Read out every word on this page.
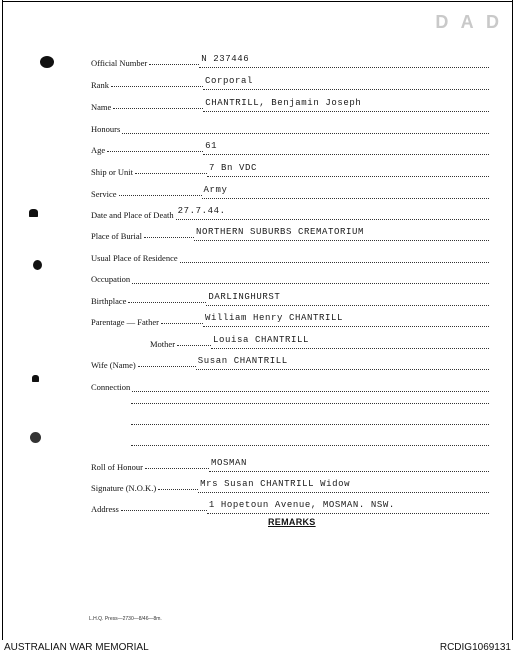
D A D
Official Number	N 237446
Rank	Corporal
Name	CHANTRILL, Benjamin Joseph
Honours
Age	61
Ship or Unit	7 Bn VDC
Service	Army
Date and Place of Death 27.7.44.
Place of Burial	NORTHERN SUBURBS CREMATORIUM
Usual Place of Residence
Occupation
Birthplace	DARLINGHURST
Parentage — Father	William Henry CHANTRILL
Mother	Louisa CHANTRILL
Wife (Name)	Susan CHANTRILL
Connection
Roll of Honour	MOSMAN
Signature (N.O.K.)	Mrs Susan CHANTRILL Widow
Address	1 Hopetoun Avenue, MOSMAN. NSW.
REMARKS
L.H.Q. Press—2730—8/46—8m.
AUSTRALIAN WAR MEMORIAL	RCDIG1069131
